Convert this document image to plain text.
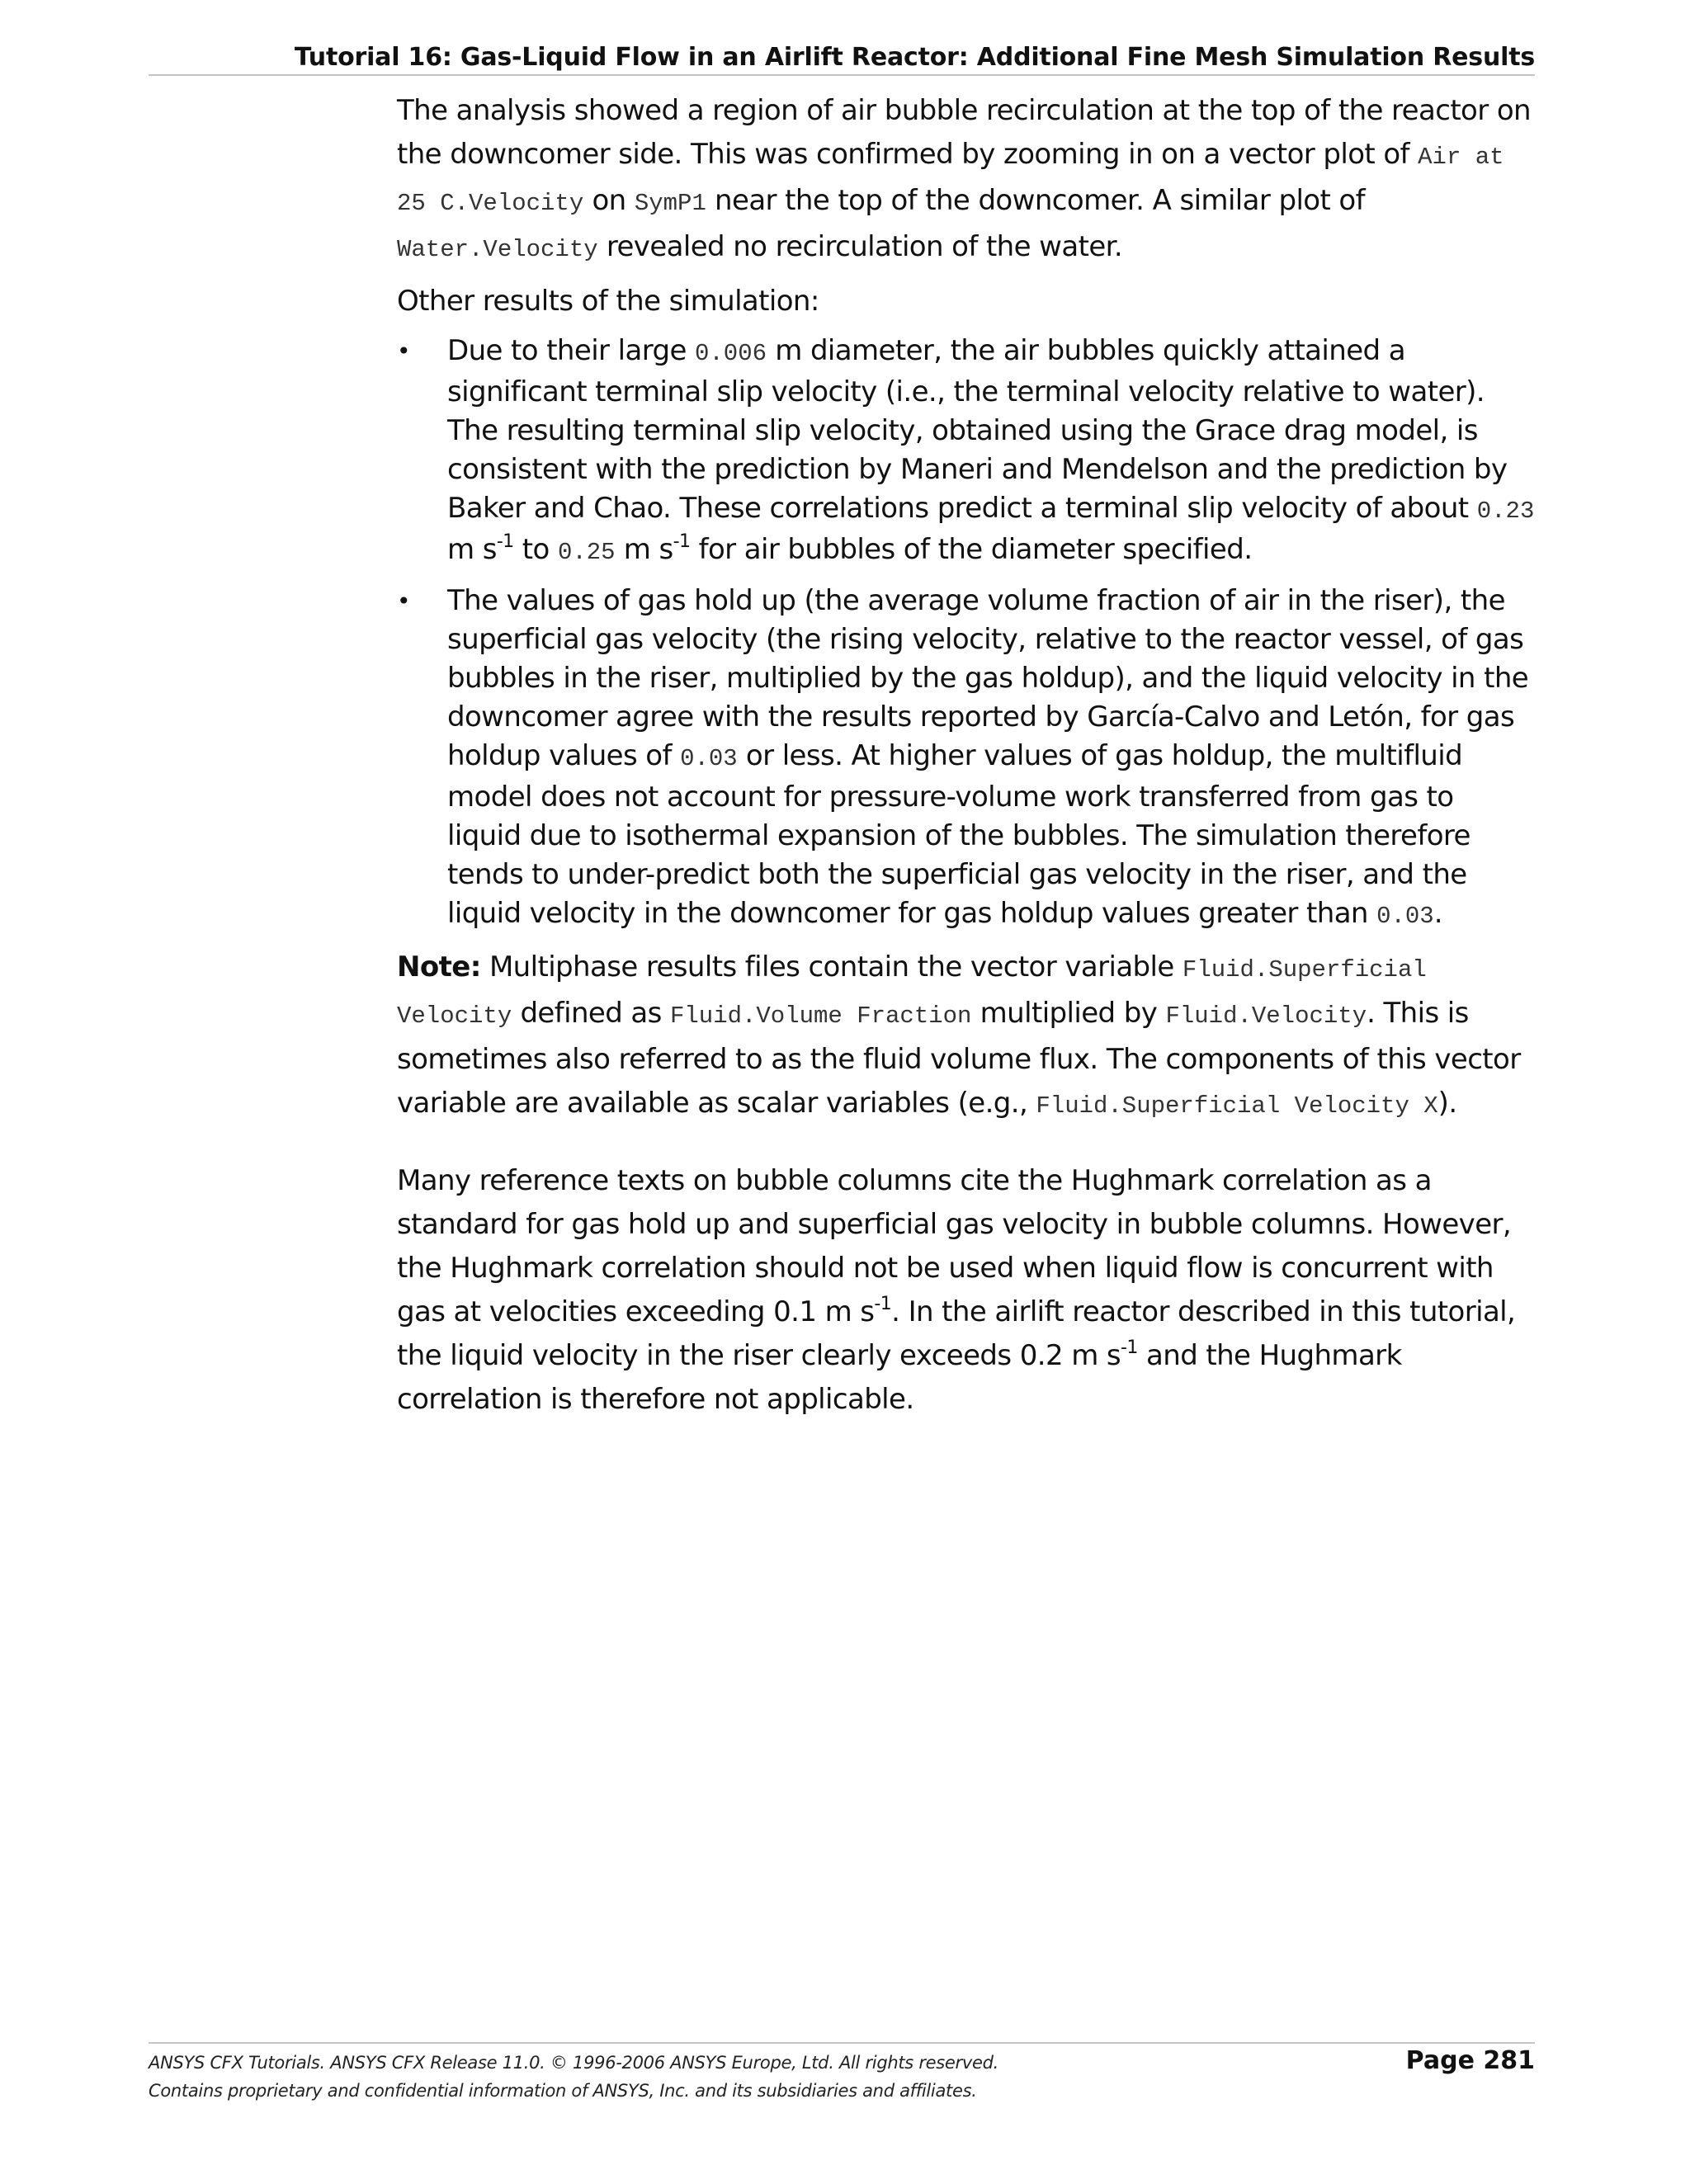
Tutorial 16: Gas-Liquid Flow in an Airlift Reactor: Additional Fine Mesh Simulation Results

The analysis showed a region of air bubble recirculation at the top of the reactor on the downcomer side. This was confirmed by zooming in on a vector plot of Air at 25 C.Velocity on SymP1 near the top of the downcomer. A similar plot of Water.Velocity revealed no recirculation of the water.

Other results of the simulation:

• Due to their large 0.006 m diameter, the air bubbles quickly attained a significant terminal slip velocity (i.e., the terminal velocity relative to water). The resulting terminal slip velocity, obtained using the Grace drag model, is consistent with the prediction by Maneri and Mendelson and the prediction by Baker and Chao. These correlations predict a terminal slip velocity of about 0.23 m $s^{-1}$ to 0.25 m $s^{-1}$ for air bubbles of the diameter specified.
• The values of gas hold up (the average volume fraction of air in the riser), the superficial gas velocity (the rising velocity, relative to the reactor vessel, of gas bubbles in the riser, multiplied by the gas holdup), and the liquid velocity in the downcomer agree with the results reported by García-Calvo and Letón, for gas holdup values of 0.03 or less. At higher values of gas holdup, the multifluid model does not account for pressure-volume work transferred from gas to liquid due to isothermal expansion of the bubbles. The simulation therefore tends to under-predict both the superficial gas velocity in the riser, and the liquid velocity in the downcomer for gas holdup values greater than 0.03.

Note: Multiphase results files contain the vector variable Fluid.Superficial Velocity defined as Fluid.Volume Fraction multiplied by Fluid.Velocity. This is sometimes also referred to as the fluid volume flux. The components of this vector variable are available as scalar variables (e.g., Fluid.Superficial Velocity X).

Many reference texts on bubble columns cite the Hughmark correlation as a standard for gas hold up and superficial gas velocity in bubble columns. However, the Hughmark correlation should not be used when liquid flow is concurrent with gas at velocities exceeding 0.1 m $s^{-1}$. In the airlift reactor described in this tutorial, the liquid velocity in the riser clearly exceeds 0.2 m $s^{-1}$ and the Hughmark correlation is therefore not applicable.

ANSYS CFX Tutorials. ANSYS CFX Release 11.0. © 1996-2006 ANSYS Europe, Ltd. All rights reserved.
Contains proprietary and confidential information of ANSYS, Inc. and its subsidiaries and affiliates.
Page 281
